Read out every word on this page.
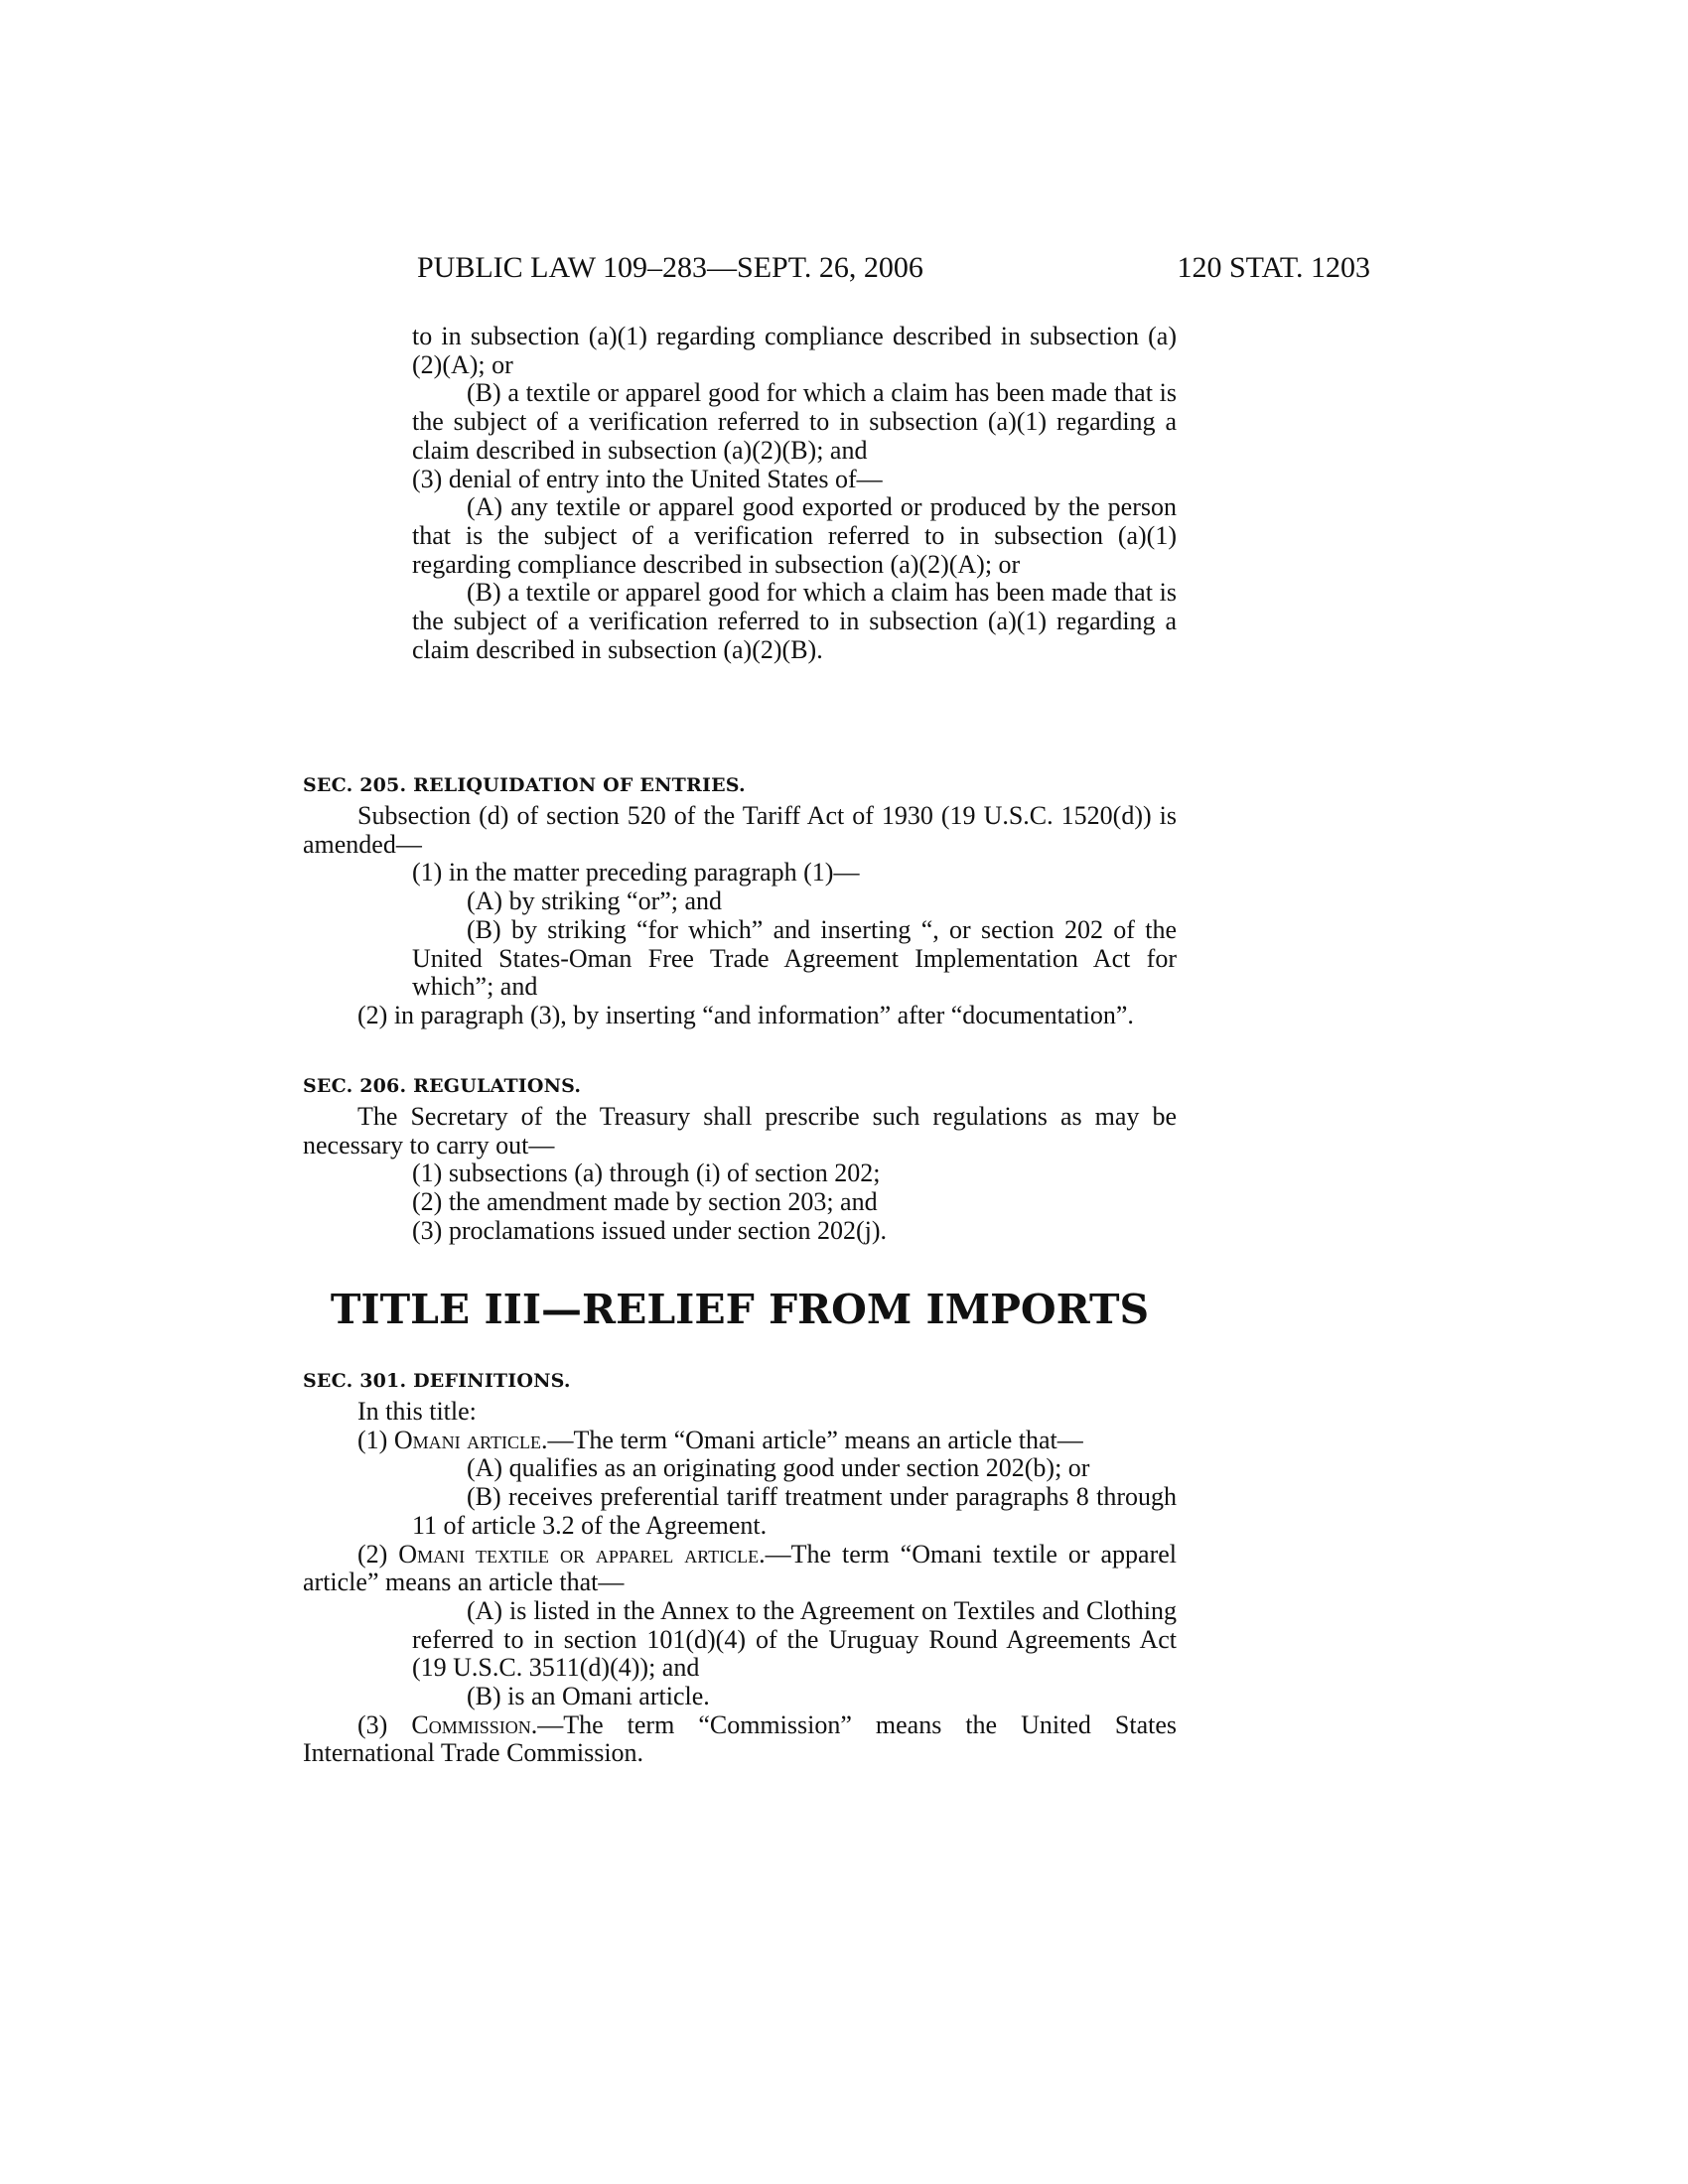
PUBLIC LAW 109–283—SEPT. 26, 2006	120 STAT. 1203

to in subsection (a)(1) regarding compliance described in subsection (a)(2)(A); or

(B) a textile or apparel good for which a claim has been made that is the subject of a verification referred to in subsection (a)(1) regarding a claim described in subsection (a)(2)(B); and

(3) denial of entry into the United States of—

(A) any textile or apparel good exported or produced by the person that is the subject of a verification referred to in subsection (a)(1) regarding compliance described in subsection (a)(2)(A); or

(B) a textile or apparel good for which a claim has been made that is the subject of a verification referred to in subsection (a)(1) regarding a claim described in subsection (a)(2)(B).

SEC. 205. RELIQUIDATION OF ENTRIES.

Subsection (d) of section 520 of the Tariff Act of 1930 (19 U.S.C. 1520(d)) is amended—

(1) in the matter preceding paragraph (1)—

(A) by striking “or”; and

(B) by striking “for which” and inserting “, or section 202 of the United States-Oman Free Trade Agreement Implementation Act for which”; and

(2) in paragraph (3), by inserting “and information” after “documentation”.

SEC. 206. REGULATIONS.

The Secretary of the Treasury shall prescribe such regulations as may be necessary to carry out—

(1) subsections (a) through (i) of section 202;

(2) the amendment made by section 203; and

(3) proclamations issued under section 202(j).

TITLE III—RELIEF FROM IMPORTS
SEC. 301. DEFINITIONS.

In this title:

(1) Omani article.—The term “Omani article” means an article that—

(A) qualifies as an originating good under section 202(b); or

(B) receives preferential tariff treatment under paragraphs 8 through 11 of article 3.2 of the Agreement.

(2) Omani textile or apparel article.—The term “Omani textile or apparel article” means an article that—

(A) is listed in the Annex to the Agreement on Textiles and Clothing referred to in section 101(d)(4) of the Uruguay Round Agreements Act (19 U.S.C. 3511(d)(4)); and

(B) is an Omani article.

(3) Commission.—The term “Commission” means the United States International Trade Commission.
